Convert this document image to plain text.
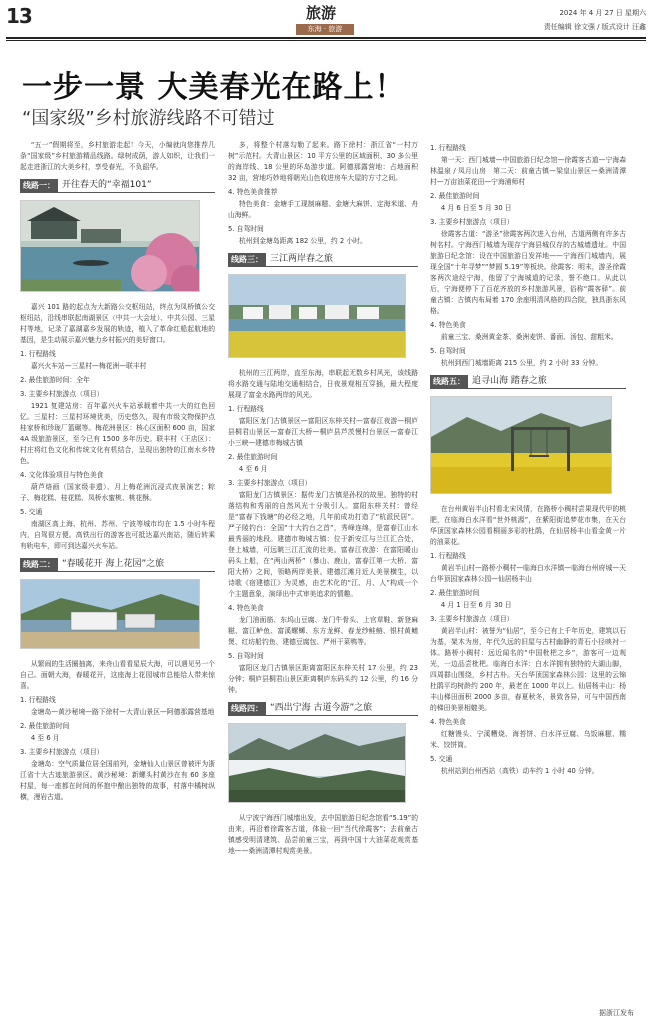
13	旅游
东海 · 旅游
2024 年 4 月 27 日 星期六
责任编辑 徐文强 / 版式设计 汪鑫
一步一景 大美春光在路上！
“国家级”乡村旅游线路不可错过

“五一”假期将至，乡村旅游走起！今天，小编就向您推荐几条“国家级”乡村旅游精品线路。绿树成荫，游人如织，让我们一起走进浙江的大美乡村，享受春光，不负韶华。

线路一： 开往春天的“幸福101”

嘉兴 101 路的起点为大新路公交枢纽站，终点为凤桥镇公交枢纽站，沿线串联起南湖景区（中共一大会址）、中共公园、三星村等地，记录了嘉湖嘉乡发展的轨迹，植入了革命红船起航地的基因，是生动展示嘉兴魅力乡村振兴的美好窗口。

1. 行程路线

嘉兴火车站—三星村—梅花洲—联丰村

2. 最佳旅游时间：全年
3. 主要乡村旅游点（项目）

1921 复建站房：百年嘉兴火车站承载着中共一大的红色回忆。三星村：三星村环境优美，历史悠久，现有市级文物保护点桂家桥和珍珑厂篮碾等。梅花洲景区：核心区面积 600 亩，国家 4A 级旅游景区，至今已有 1500 多年历史。联丰村（王店区）：村庄将红色文化和传统文化有机结合，呈现出独特的江南水乡特色。

4. 文化体验项目与特色美食

葫芦烙画（国家级非遗）、月上梅花洲沉浸式夜景演艺；粽子、梅花糕、桂花糕、凤桥水蜜桃、桃花酥。

5. 交通

南湖区高上海、杭州、苏州、宁波等城市均在 1.5 小时车程内，自驾很方便。高铁出行的游客也可抵达嘉兴南站，随后转乘有轨电车，即可到达嘉兴火车站。

线路二： “春暖花开 海上花园”之旅

从繁闹的生活圈抽离，来舟山看看星辰大海，可以遇见另一个自己。面朝大海，春暖花开，这座海上花园城市总能给人带来惊喜。

1. 行程路线

金塘岛—黄沙秘境—路下徐村—大青山景区—阿德那露营基地

2. 最佳旅游时间

4 至 6 月

3. 主要乡村旅游点（项目）

金塘岛：空气质量位居全国前列，金塘仙人山景区曾被评为浙江省十大古迹旅游景区。黄沙秘境：新螺头村黄沙在有 60 多座村屋，每一座都在时间的怀抱中酿出独特的故事，村落中橘树纵横，漫岩古道。

多，将整个村落勾勒了起来。路下徐村：浙江省“一村万树”示范村。大青山景区：10 平方公里的区域面积、30 多公里的海岸线、18 公里的环岛游步道。阿德那露营地：占地面积 32 亩，营地巧妙地将朝光山色收进房车大屋的方寸之间。

4. 特色美食推荐

特色美食：金塘手工现制麻糍、金塘大麻饼、定海米道、舟山海鲜。

5. 自驾时间

杭州到金塘岛距离 182 公里，约 2 小时。

线路三： 三江两岸春之旅

杭州的三江两岸，直至东海，串联起无数乡村风光，该线路将水路交通与陆地交通相结合，日夜景观相互穿插，最大程度展现了富金水路两岸的风光。

1. 行程路线

富阳区龙门古镇景区—富阳区东梓关村—富春江夜游—桐庐县桐君山景区—富春江大桥—桐庐县芦茨慢村台景区—富春江小三峡—建德市梅城古镇

2. 最佳旅游时间

4 至 6 月

3. 主要乡村旅游点（项目）

富阳龙门古镇景区：据传龙门古镇是孙权的故里。独特的村落结构和秀丽的自然风光十分吸引人。富阳东梓关村：曾经是“富春下钱塘”的必经之地，几年前成功打造了“杭派民居”。严子陵钓台：全国“十大钓台之首”，秀峰连绵，是富春江山水最秀丽的地段。建德市梅城古镇：位于新安江与兰江汇合处，登上城墙，可远眺三江汇流的壮美。富春江夜游：在富阳暖山码头上船，在“两山两桥”（暴山、鹿山，富春江第一大桥、富阳大桥）之间，领略两岸美景。建德江滩月近人美景横生，以诗歌《宿建德江》为灵感，由艺术化的“江、月、人”构成一个个主题意象，演绎出中式审美追求的情趣。

4. 特色美食

龙门油面筋、东坞山豆腐、龙门牛骨头、上官草鞋、新登麻糍、富江鲈鱼、富溪螺蛳、东方龙鲜、春龙纱鲑鲢、银村黄鳝煲、红坊船钓鱼、建德豆腐包、严州干菜鸭等。

5. 自驾时间

富阳区龙门古镇景区距离富阳区东梓关村 17 公里，约 23 分钟；桐庐县桐君山景区距离桐庐东码头约 12 公里，约 16 分钟。

线路四： “西出宁海 古道今游”之旅

从宁波宁海西门城墙出发，去中国旅游日纪念馆看“5.19”的由来，再沿着徐霞客古道，体验一回“当代徐霞客”；去前童古镇感受明清建筑、品尝前童三宝，再到中国十大油菜花观赏基地——桑洲清潭村观赏美景。

1. 行程路线

第一天：西门城墙—中国旅游日纪念馆—徐霞客古道—宁海森林温泉 / 凤月山房　第二天：前童古镇—梁皇山景区—桑洲清潭村—万亩油菜花田—宁海浦师村

2. 最佳旅游时间

4 月 6 日至 5 月 30 日

3. 主要乡村旅游点（项目）

徐霞客古道：“游圣”徐霞客两次进入台州，古道两侧有许多古树名村。宁海西门城墙为现存宁海县城仅存的古城墙遗址。中国旅游日纪念馆：设在中国旅游日发祥地——宁海西门城墙内，展现全国“十年寻梦”“梦圆 5.19”等板块。徐霞客：明末，游圣徐霞客两次途经宁海，他留了宁海城道的记录，誉不绝口。从此以后，宁海便停下了百花齐放的乡村旅游风景，俗称“霞客驿”。前童古镇：古镇内布局着 170 余座明清风格的四合院，独具浙东风格。

4. 特色美食

前童三宝、桑洲黄金茶、桑洲麦饼、番面、汤包、甜粗米。

5. 自驾时间

杭州到西门城墙距离 215 公里，约 2 小时 33 分钟。

线路五： 追寻山海 踏春之旅

在台州黄岩半山村看北宋风情，在路桥小稠村尝果现代甲的桃肥，在临海白水洋看“世外桃源”，在紫阳街追梦花市集，在天台华顶国家森林公园看桐丽多彩的杜鹃，在仙居杨丰山看金黄一片的油菜花。

1. 行程路线

黄岩半山村—路桥小稠村—临海白水洋镇—临海台州府城—天台华顶国家森林公园—仙居杨丰山

2. 最佳旅游时间

4 月 1 日至 6 月 30 日

3. 主要乡村旅游点（项目）

黄岩半山村：被誉为“仙居”，至今已有上千年历史，建筑以石为基，架木为房，年代久远的旧屋与古村幽静的青石小径映衬一体。路桥小稠村：远近闻名的“中国枇杷之乡”，游客可一边观光，一边品尝枇杷。临海白水洋：白水洋拥有独特的大湖山脚，四周群山围绕，乡村古朴。天台华顶国家森林公园：这里的云锦杜鹃平均树龄约 200 年，最老在 1000 年以上。仙居杨丰山：杨丰山梯田面积 2000 多亩，春夏秋冬，景致各异，可与中国西南的梯田美景相媲美。

4. 特色美食

红糖馒头、宁溪糟烧、海苔饼、白水洋豆腐、乌饭麻糍、糯米、饺饼筒。

5. 交通

杭州站到台州西站（高铁）动车约 1 小时 40 分钟。

据浙江发布
